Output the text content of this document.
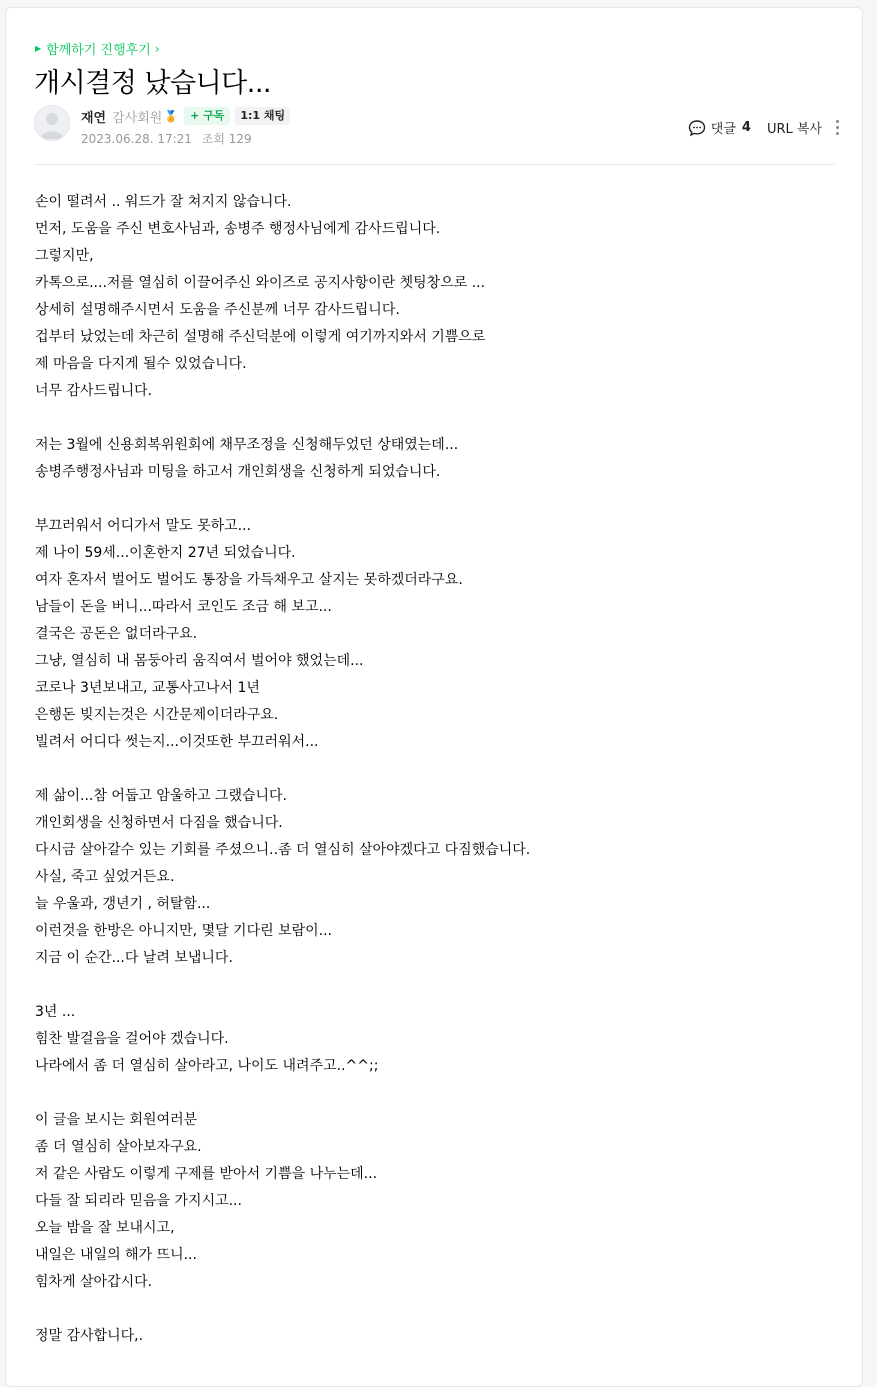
▶ 함께하기 진행후기 ›
개시결정 났습니다...
재연 감사회원 🏅	+ 구독	1:1 채팅
2023.06.28. 17:21 조회 129
댓글 4 URL 복사

손이 떨려서 .. 워드가 잘 쳐지지 않습니다.

먼저, 도움을 주신 변호사님과, 송병주 행정사님에게 감사드립니다.

그렇지만,

카톡으로....저를 열심히 이끌어주신 와이즈로 공지사항이란 쳇팅창으로 ...

상세히 설명해주시면서 도움을 주신분께 너무 감사드립니다.

겁부터 났었는데 차근히 설명해 주신덕분에 이렇게 여기까지와서 기쁨으로

제 마음을 다지게 될수 있었습니다.

너무 감사드립니다.

저는 3월에 신용회복위원회에 채무조정을 신청해두었던 상태였는데...

송병주행정사님과 미팅을 하고서 개인회생을 신청하게 되었습니다.

부끄러워서 어디가서 말도 못하고...

제 나이 59세...이혼한지 27년 되었습니다.

여자 혼자서 벌어도 벌어도 통장을 가득채우고 살지는 못하겠더라구요.

남들이 돈을 버니...따라서 코인도 조금 해 보고...

결국은 공돈은 없더라구요.

그냥, 열심히 내 몸둥아리 움직여서 벌어야 했었는데...

코로나 3년보내고, 교통사고나서 1년

은행돈 빚지는것은 시간문제이더라구요.

빌려서 어디다 썻는지...이것또한 부끄러워서...

제 삶이...참 어둡고 암울하고 그랬습니다.

개인회생을 신청하면서 다짐을 했습니다.

다시금 살아갈수 있는 기회를 주셨으니..좀 더 열심히 살아야겠다고 다짐했습니다.

사실, 죽고 싶었거든요.

늘 우울과, 갱년기 , 허탈함...

이런것을 한방은 아니지만, 몇달 기다린 보람이...

지금 이 순간...다 날려 보냅니다.

3년 ...

힘찬 발걸음을 걸어야 겠습니다.

나라에서 좀 더 열심히 살아라고, 나이도 내려주고..^^;;

이 글을 보시는 회원여러분

좀 더 열심히 살아보자구요.

저 같은 사람도 이렇게 구제를 받아서 기쁨을 나누는데...

다들 잘 되리라 믿음을 가지시고...

오늘 밤을 잘 보내시고,

내일은 내일의 해가 뜨니...

힘차게 살아갑시다.

정말 감사합니다,.
